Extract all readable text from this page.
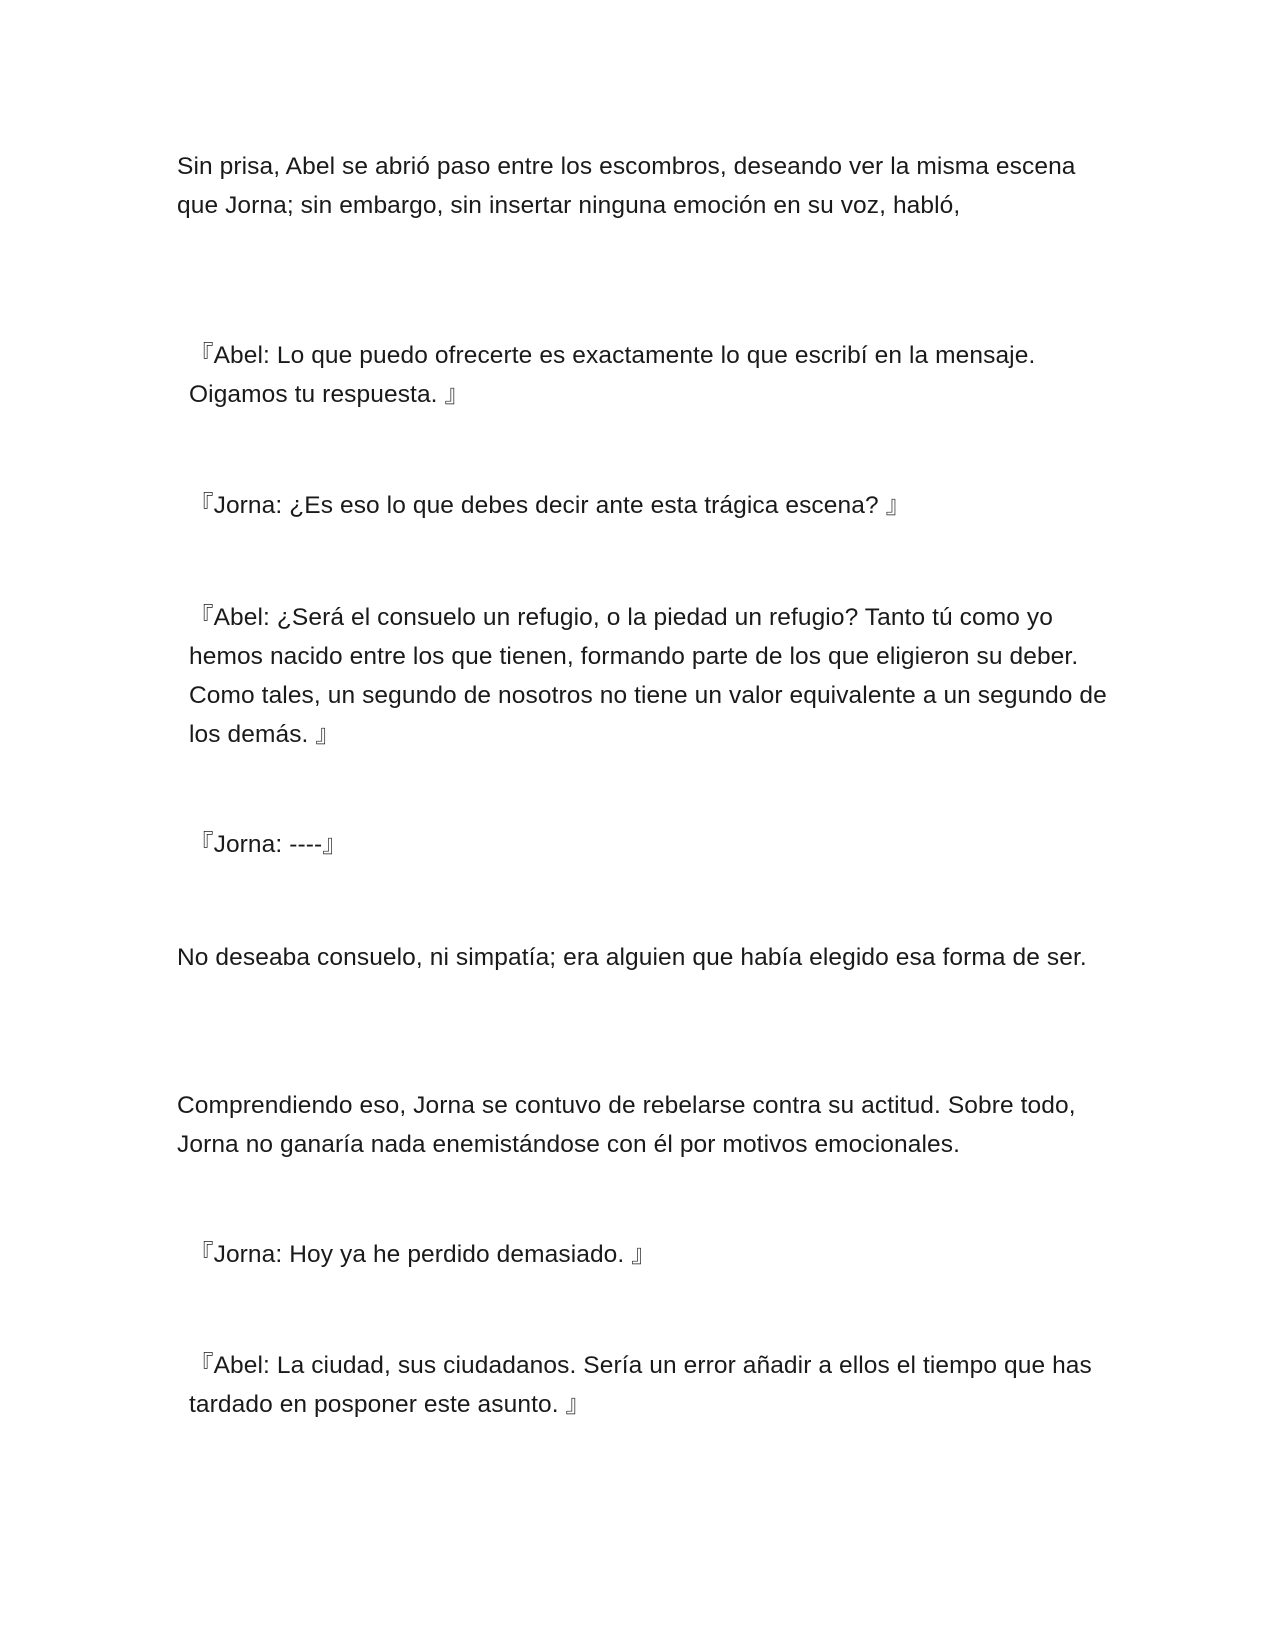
Sin prisa, Abel se abrió paso entre los escombros, deseando ver la misma escena que Jorna; sin embargo, sin insertar ninguna emoción en su voz, habló,

『Abel: Lo que puedo ofrecerte es exactamente lo que escribí en la mensaje. Oigamos tu respuesta. 』

『Jorna: ¿Es eso lo que debes decir ante esta trágica escena? 』

『Abel: ¿Será el consuelo un refugio, o la piedad un refugio? Tanto tú como yo hemos nacido entre los que tienen, formando parte de los que eligieron su deber. Como tales, un segundo de nosotros no tiene un valor equivalente a un segundo de los demás. 』

『Jorna: ----』

No deseaba consuelo, ni simpatía; era alguien que había elegido esa forma de ser.

Comprendiendo eso, Jorna se contuvo de rebelarse contra su actitud. Sobre todo, Jorna no ganaría nada enemistándose con él por motivos emocionales.

『Jorna: Hoy ya he perdido demasiado. 』

『Abel: La ciudad, sus ciudadanos. Sería un error añadir a ellos el tiempo que has tardado en posponer este asunto. 』
